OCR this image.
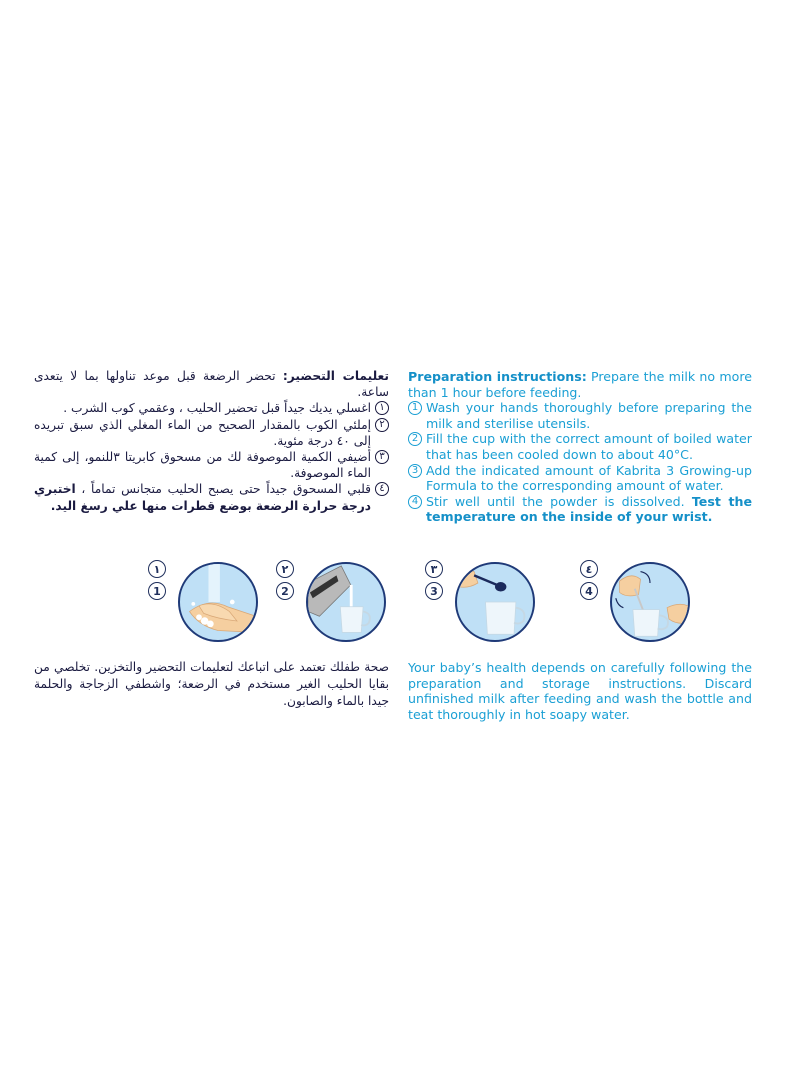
Preparation instructions: Prepare the milk no more than 1 hour before feeding.
1 Wash your hands thoroughly before preparing the milk and sterilise utensils.
2 Fill the cup with the correct amount of boiled water that has been cooled down to about 40°C.
3 Add the indicated amount of Kabrita 3 Growing-up Formula to the corresponding amount of water.
4 Stir well until the powder is dissolved. Test the temperature on the inside of your wrist.
تعليمات التحضير: تحضر الرضعة قبل موعد تناولها بما لا يتعدى ساعة.
١
اغسلي يديك جيداً قبل تحضير الحليب ، وعقمي كوب الشرب .
٢
إملئي الكوب بالمقدار الصحيح من الماء المغلي الذي سبق تبريده إلى ٤٠ درجة مئوية.
٣
أضيفي الكمية الموصوفة لك من مسحوق كابريتا ٣للنمو، إلى كمية الماء الموصوفة.
٤
قلبي المسحوق جيداً حتى يصبح الحليب متجانس تماماً ، اختبري درجة حرارة الرضعة بوضع قطرات منها علي رسغ اليد.
١
1
٢
2
٣
3
٤
4
Your baby’s health depends on carefully following the preparation and storage instructions. Discard unfinished milk after feeding and wash the bottle and teat thoroughly in hot soapy water.
صحة طفلك تعتمد على اتباعك لتعليمات التحضير والتخزين. تخلصي من بقايا الحليب الغير مستخدم في الرضعة؛ واشطفي الزجاجة والحلمة جيدا بالماء والصابون.
